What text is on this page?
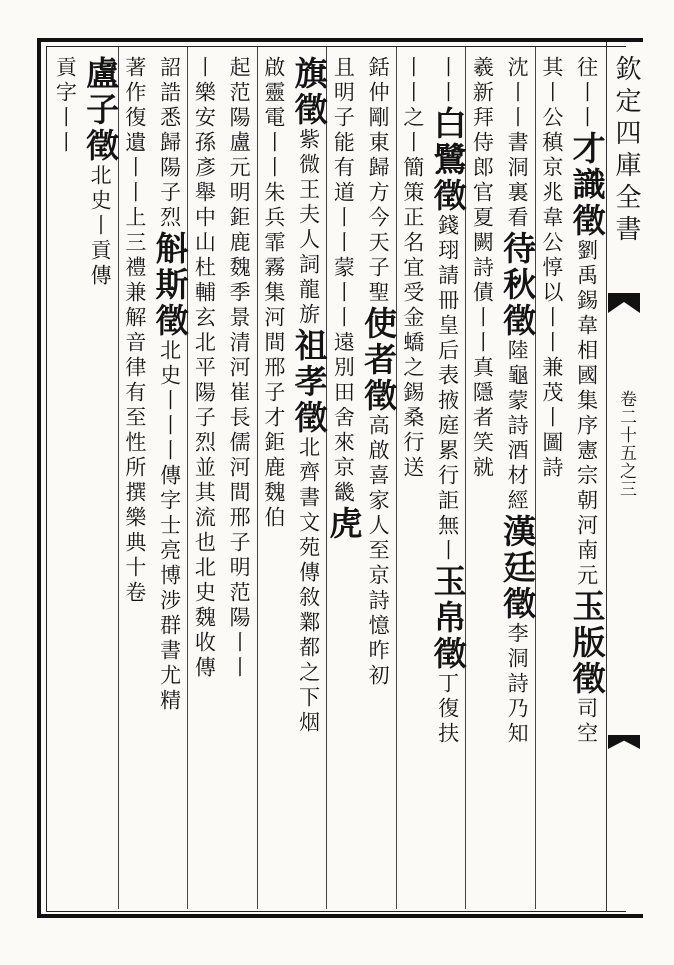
往丨丨才識徵劉禹錫韋相國集序憲宗朝河南元玉版徵司空
其丨公稹京兆韋公惇以丨丨兼茂丨圖詩
沈丨丨書洞裏看待秋徵陸龜蒙詩酒材經漢廷徵李洞詩乃知
羲新拜侍郎官夏闕詩債丨丨真隱者笑就
丨丨白鷺徵錢珝請冊皇后表掖庭累行詎無丨玉帛徵丁復扶
丨丨之丨簡策正名宜受金蟜之錫桑行送
銛仲剛東歸方今天子聖使者徵高啟喜家人至京詩憶昨初
且明子能有道丨丨蒙丨丨遠別田舍來京畿虎
旗徵紫微王夫人詞龍旂祖孝徵北齊書文苑傳敘鄴都之下烟
啟靈電丨丨朱兵霏霧集河間邢子才鉅鹿魏伯
起范陽盧元明鉅鹿魏季景清河崔長儒河間邢子明范陽丨丨
丨樂安孫彥舉中山杜輔玄北平陽子烈並其流也北史魏收傳
詔誥悉歸陽子烈斛斯徵北史丨丨丨傳字士亮博涉群書尤精
著作復遺丨丨上三禮兼解音律有至性所撰樂典十卷
盧子徵北史丨貢傳
貢字丨丨	欽定四庫全書
卷二十五之三
